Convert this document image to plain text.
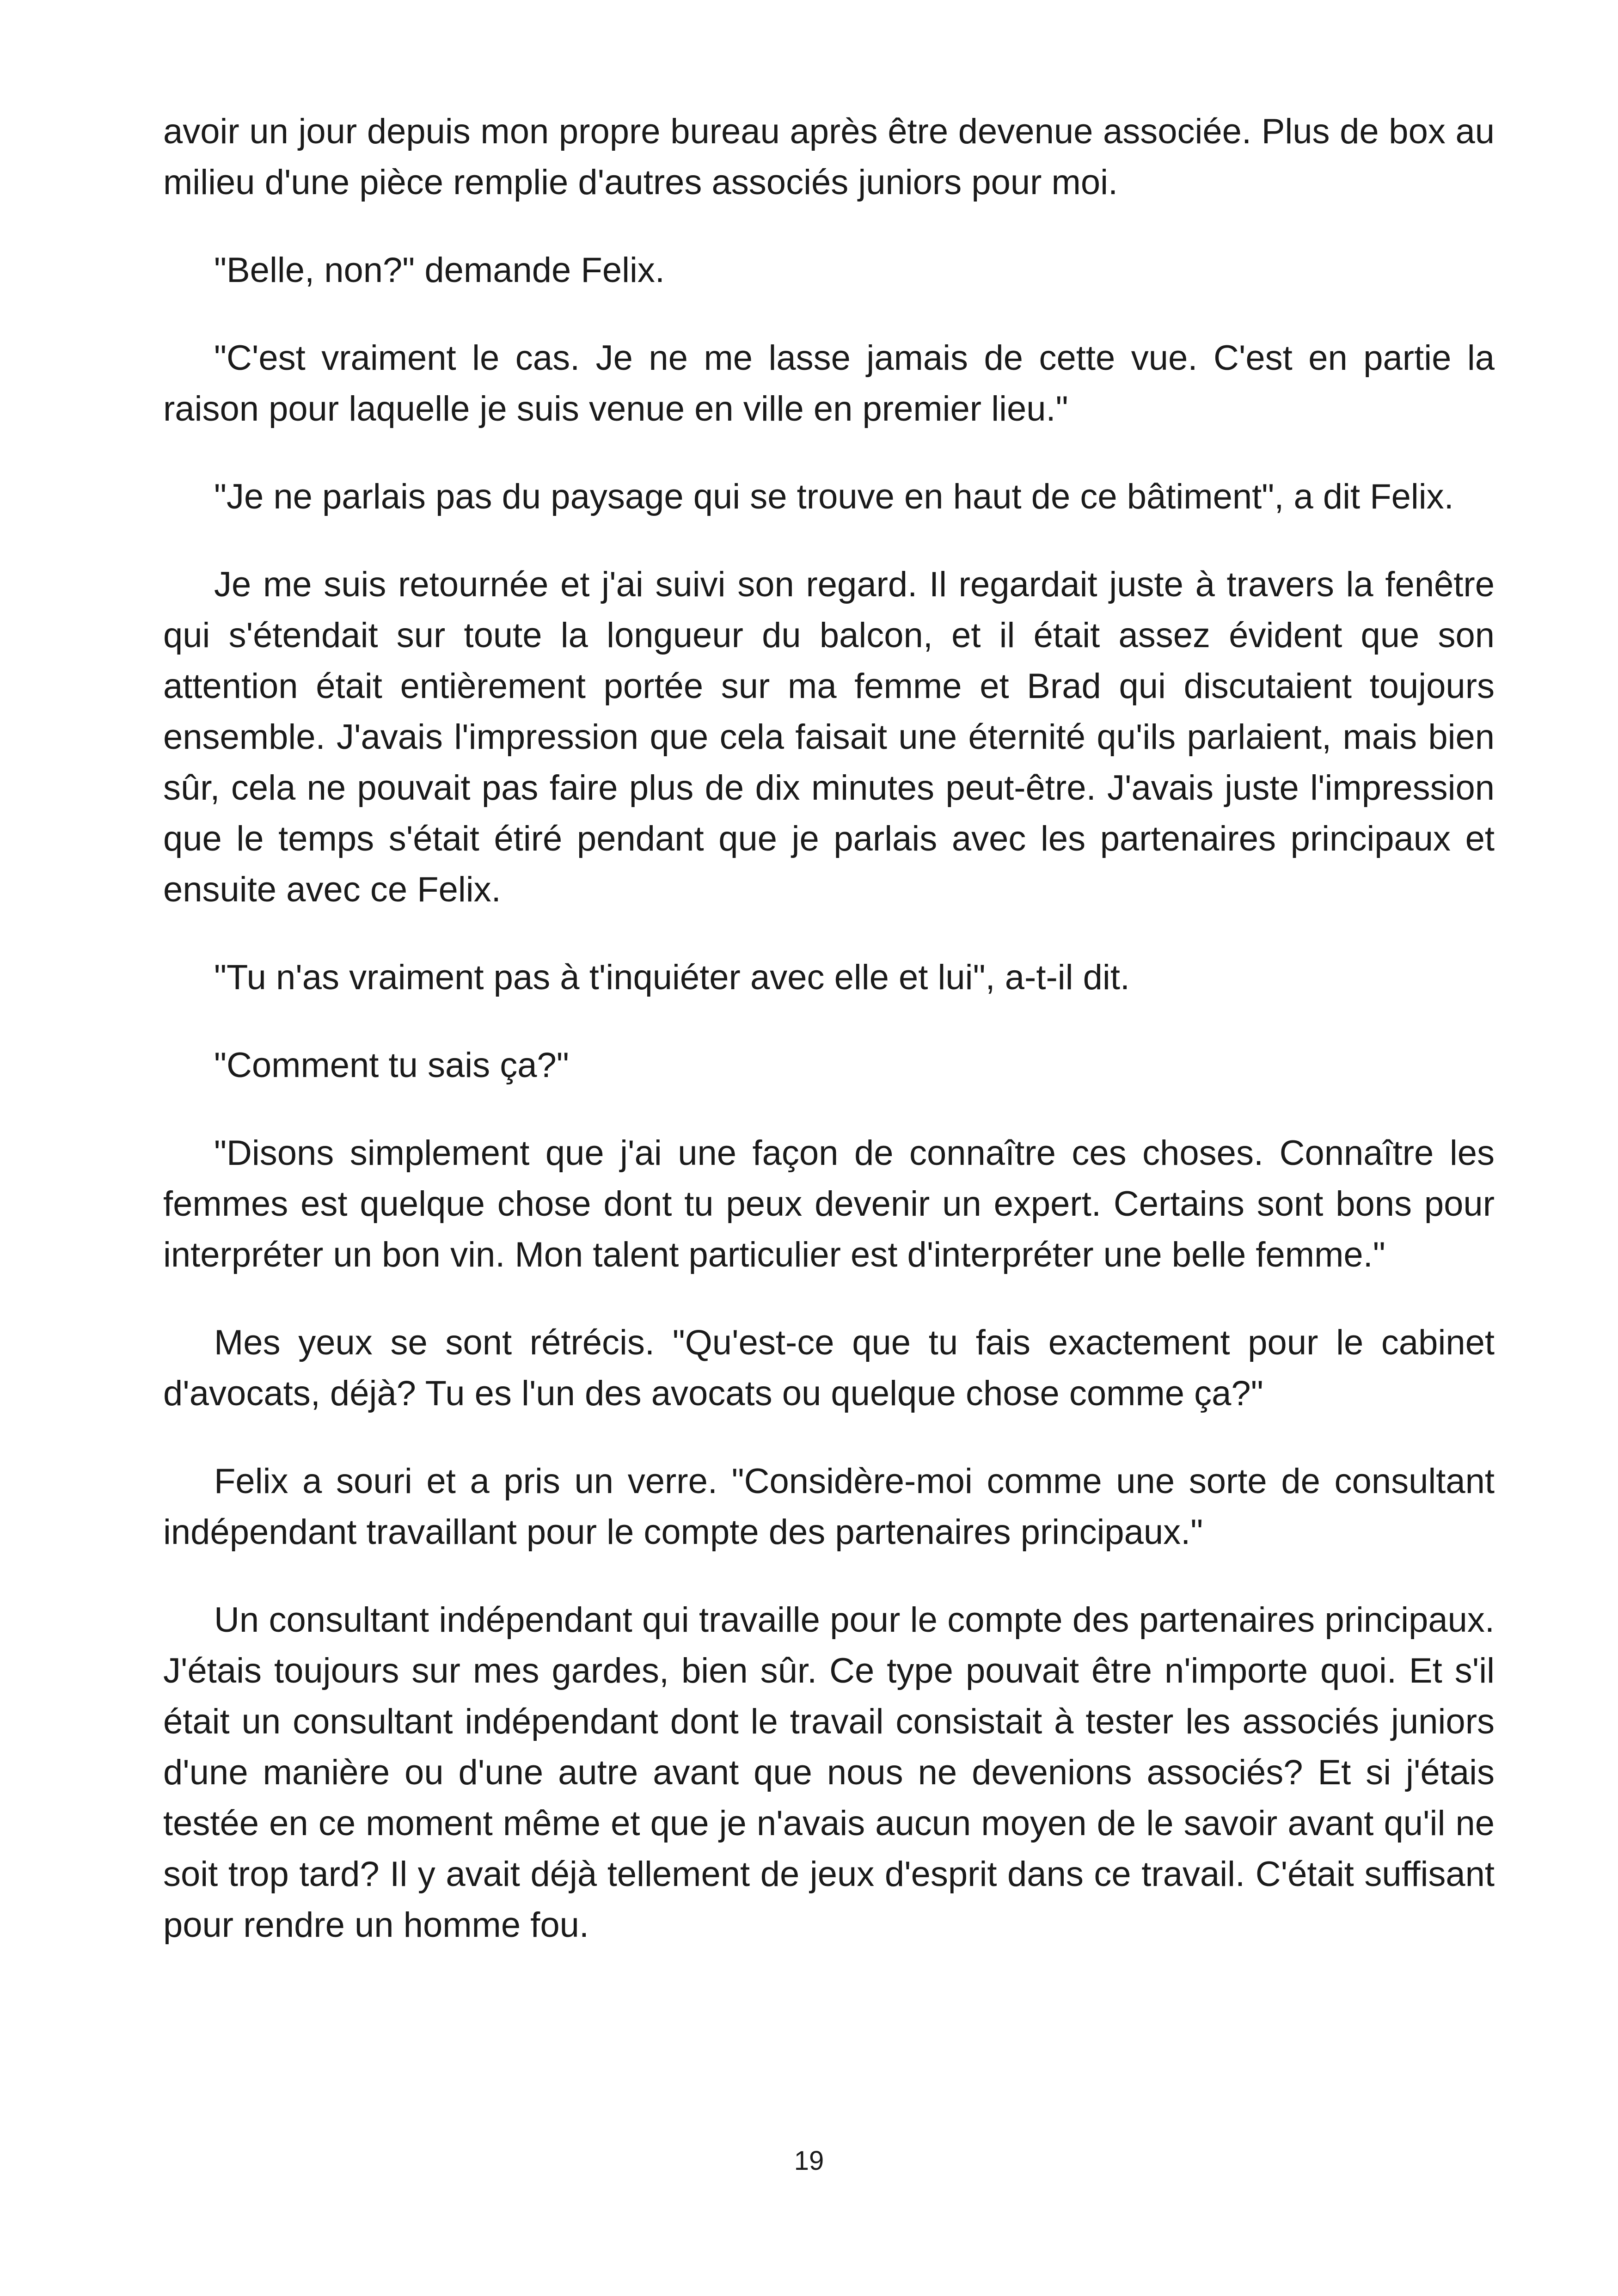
avoir un jour depuis mon propre bureau après être devenue associée. Plus de box au milieu d'une pièce remplie d'autres associés juniors pour moi.

"Belle, non?" demande Felix.

"C'est vraiment le cas. Je ne me lasse jamais de cette vue. C'est en partie la raison pour laquelle je suis venue en ville en premier lieu."

"Je ne parlais pas du paysage qui se trouve en haut de ce bâtiment", a dit Felix.

Je me suis retournée et j'ai suivi son regard. Il regardait juste à travers la fenêtre qui s'étendait sur toute la longueur du balcon, et il était assez évident que son attention était entièrement portée sur ma femme et Brad qui discutaient toujours ensemble. J'avais l'impression que cela faisait une éternité qu'ils parlaient, mais bien sûr, cela ne pouvait pas faire plus de dix minutes peut-être. J'avais juste l'impression que le temps s'était étiré pendant que je parlais avec les partenaires principaux et ensuite avec ce Felix.

"Tu n'as vraiment pas à t'inquiéter avec elle et lui", a-t-il dit.

"Comment tu sais ça?"

"Disons simplement que j'ai une façon de connaître ces choses. Connaître les femmes est quelque chose dont tu peux devenir un expert. Certains sont bons pour interpréter un bon vin. Mon talent particulier est d'interpréter une belle femme."

Mes yeux se sont rétrécis. "Qu'est-ce que tu fais exactement pour le cabinet d'avocats, déjà? Tu es l'un des avocats ou quelque chose comme ça?"

Felix a souri et a pris un verre. "Considère-moi comme une sorte de consultant indépendant travaillant pour le compte des partenaires principaux."

Un consultant indépendant qui travaille pour le compte des partenaires principaux. J'étais toujours sur mes gardes, bien sûr. Ce type pouvait être n'importe quoi. Et s'il était un consultant indépendant dont le travail consistait à tester les associés juniors d'une manière ou d'une autre avant que nous ne devenions associés? Et si j'étais testée en ce moment même et que je n'avais aucun moyen de le savoir avant qu'il ne soit trop tard? Il y avait déjà tellement de jeux d'esprit dans ce travail. C'était suffisant pour rendre un homme fou.

19
